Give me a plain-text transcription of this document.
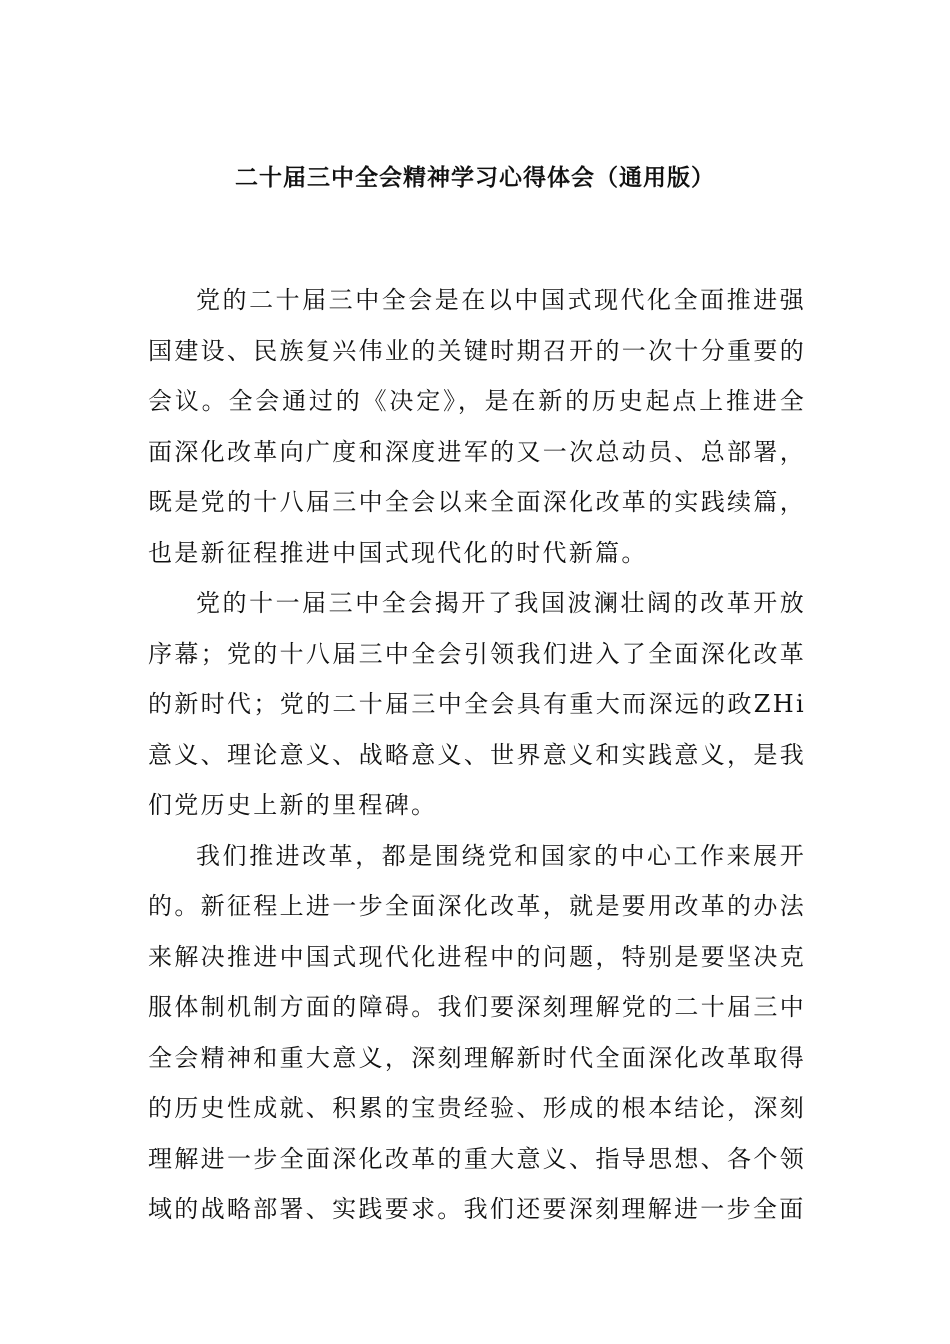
二十届三中全会精神学习心得体会（通用版）

党的二十届三中全会是在以中国式现代化全面推进强国建设、民族复兴伟业的关键时期召开的一次十分重要的会议。全会通过的《决定》，是在新的历史起点上推进全面深化改革向广度和深度进军的又一次总动员、总部署，既是党的十八届三中全会以来全面深化改革的实践续篇，也是新征程推进中国式现代化的时代新篇。

党的十一届三中全会揭开了我国波澜壮阔的改革开放序幕；党的十八届三中全会引领我们进入了全面深化改革的新时代；党的二十届三中全会具有重大而深远的政ZHi意义、理论意义、战略意义、世界意义和实践意义，是我们党历史上新的里程碑。

我们推进改革，都是围绕党和国家的中心工作来展开的。新征程上进一步全面深化改革，就是要用改革的办法来解决推进中国式现代化进程中的问题，特别是要坚决克服体制机制方面的障碍。我们要深刻理解党的二十届三中全会精神和重大意义，深刻理解新时代全面深化改革取得的历史性成就、积累的宝贵经验、形成的根本结论，深刻理解进一步全面深化改革的重大意义、指导思想、各个领域的战略部署、实践要求。我们还要深刻理解进一步全面
